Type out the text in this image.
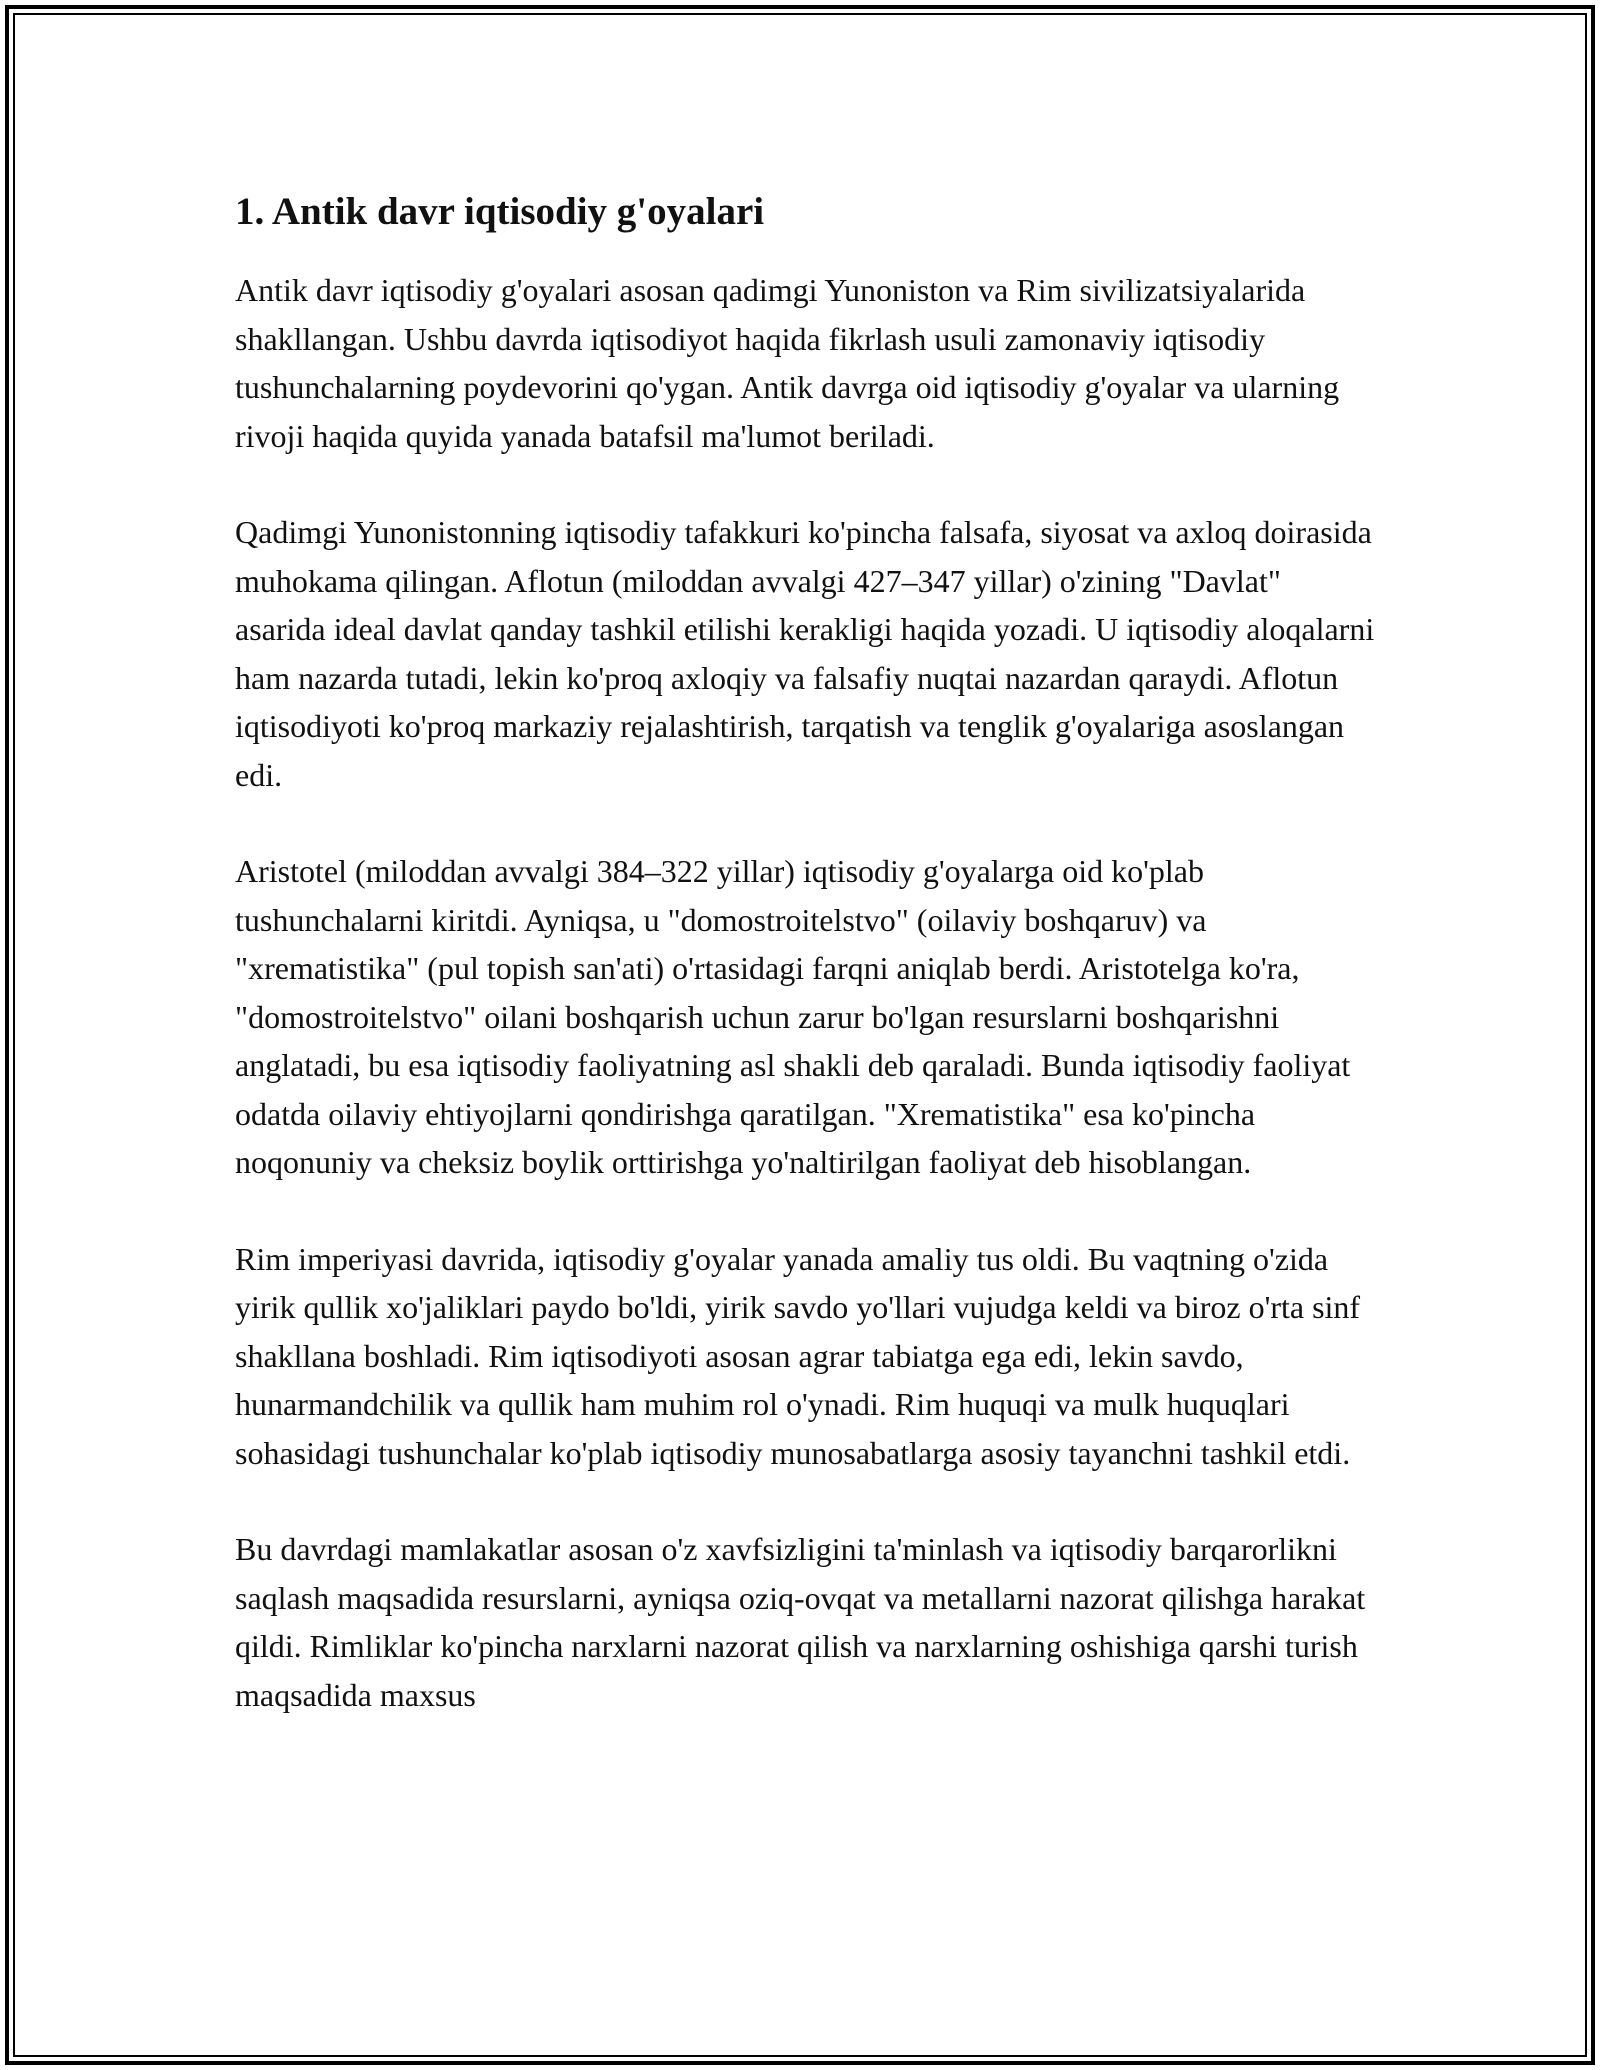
1. Antik davr iqtisodiy g'oyalari

Antik davr iqtisodiy g'oyalari asosan qadimgi Yunoniston va Rim sivilizatsiyalarida shakllangan. Ushbu davrda iqtisodiyot haqida fikrlash usuli zamonaviy iqtisodiy tushunchalarning poydevorini qo'ygan. Antik davrga oid iqtisodiy g'oyalar va ularning rivoji haqida quyida yanada batafsil ma'lumot beriladi.

Qadimgi Yunonistonning iqtisodiy tafakkuri ko'pincha falsafa, siyosat va axloq doirasida muhokama qilingan. Aflotun (miloddan avvalgi 427–347 yillar) o'zining "Davlat" asarida ideal davlat qanday tashkil etilishi kerakligi haqida yozadi. U iqtisodiy aloqalarni ham nazarda tutadi, lekin ko'proq axloqiy va falsafiy nuqtai nazardan qaraydi. Aflotun iqtisodiyoti ko'proq markaziy rejalashtirish, tarqatish va tenglik g'oyalariga asoslangan edi.

Aristotel (miloddan avvalgi 384–322 yillar) iqtisodiy g'oyalarga oid ko'plab tushunchalarni kiritdi. Ayniqsa, u "domostroitelstvo" (oilaviy boshqaruv) va "xrematistika" (pul topish san'ati) o'rtasidagi farqni aniqlab berdi. Aristotelga ko'ra, "domostroitelstvo" oilani boshqarish uchun zarur bo'lgan resurslarni boshqarishni anglatadi, bu esa iqtisodiy faoliyatning asl shakli deb qaraladi. Bunda iqtisodiy faoliyat odatda oilaviy ehtiyojlarni qondirishga qaratilgan. "Xrematistika" esa ko'pincha noqonuniy va cheksiz boylik orttirishga yo'naltirilgan faoliyat deb hisoblangan.

Rim imperiyasi davrida, iqtisodiy g'oyalar yanada amaliy tus oldi. Bu vaqtning o'zida yirik qullik xo'jaliklari paydo bo'ldi, yirik savdo yo'llari vujudga keldi va biroz o'rta sinf shakllana boshladi. Rim iqtisodiyoti asosan agrar tabiatga ega edi, lekin savdo, hunarmandchilik va qullik ham muhim rol o'ynadi. Rim huquqi va mulk huquqlari sohasidagi tushunchalar ko'plab iqtisodiy munosabatlarga asosiy tayanchni tashkil etdi.

Bu davrdagi mamlakatlar asosan o'z xavfsizligini ta'minlash va iqtisodiy barqarorlikni saqlash maqsadida resurslarni, ayniqsa oziq-ovqat va metallarni nazorat qilishga harakat qildi. Rimliklar ko'pincha narxlarni nazorat qilish va narxlarning oshishiga qarshi turish maqsadida maxsus
